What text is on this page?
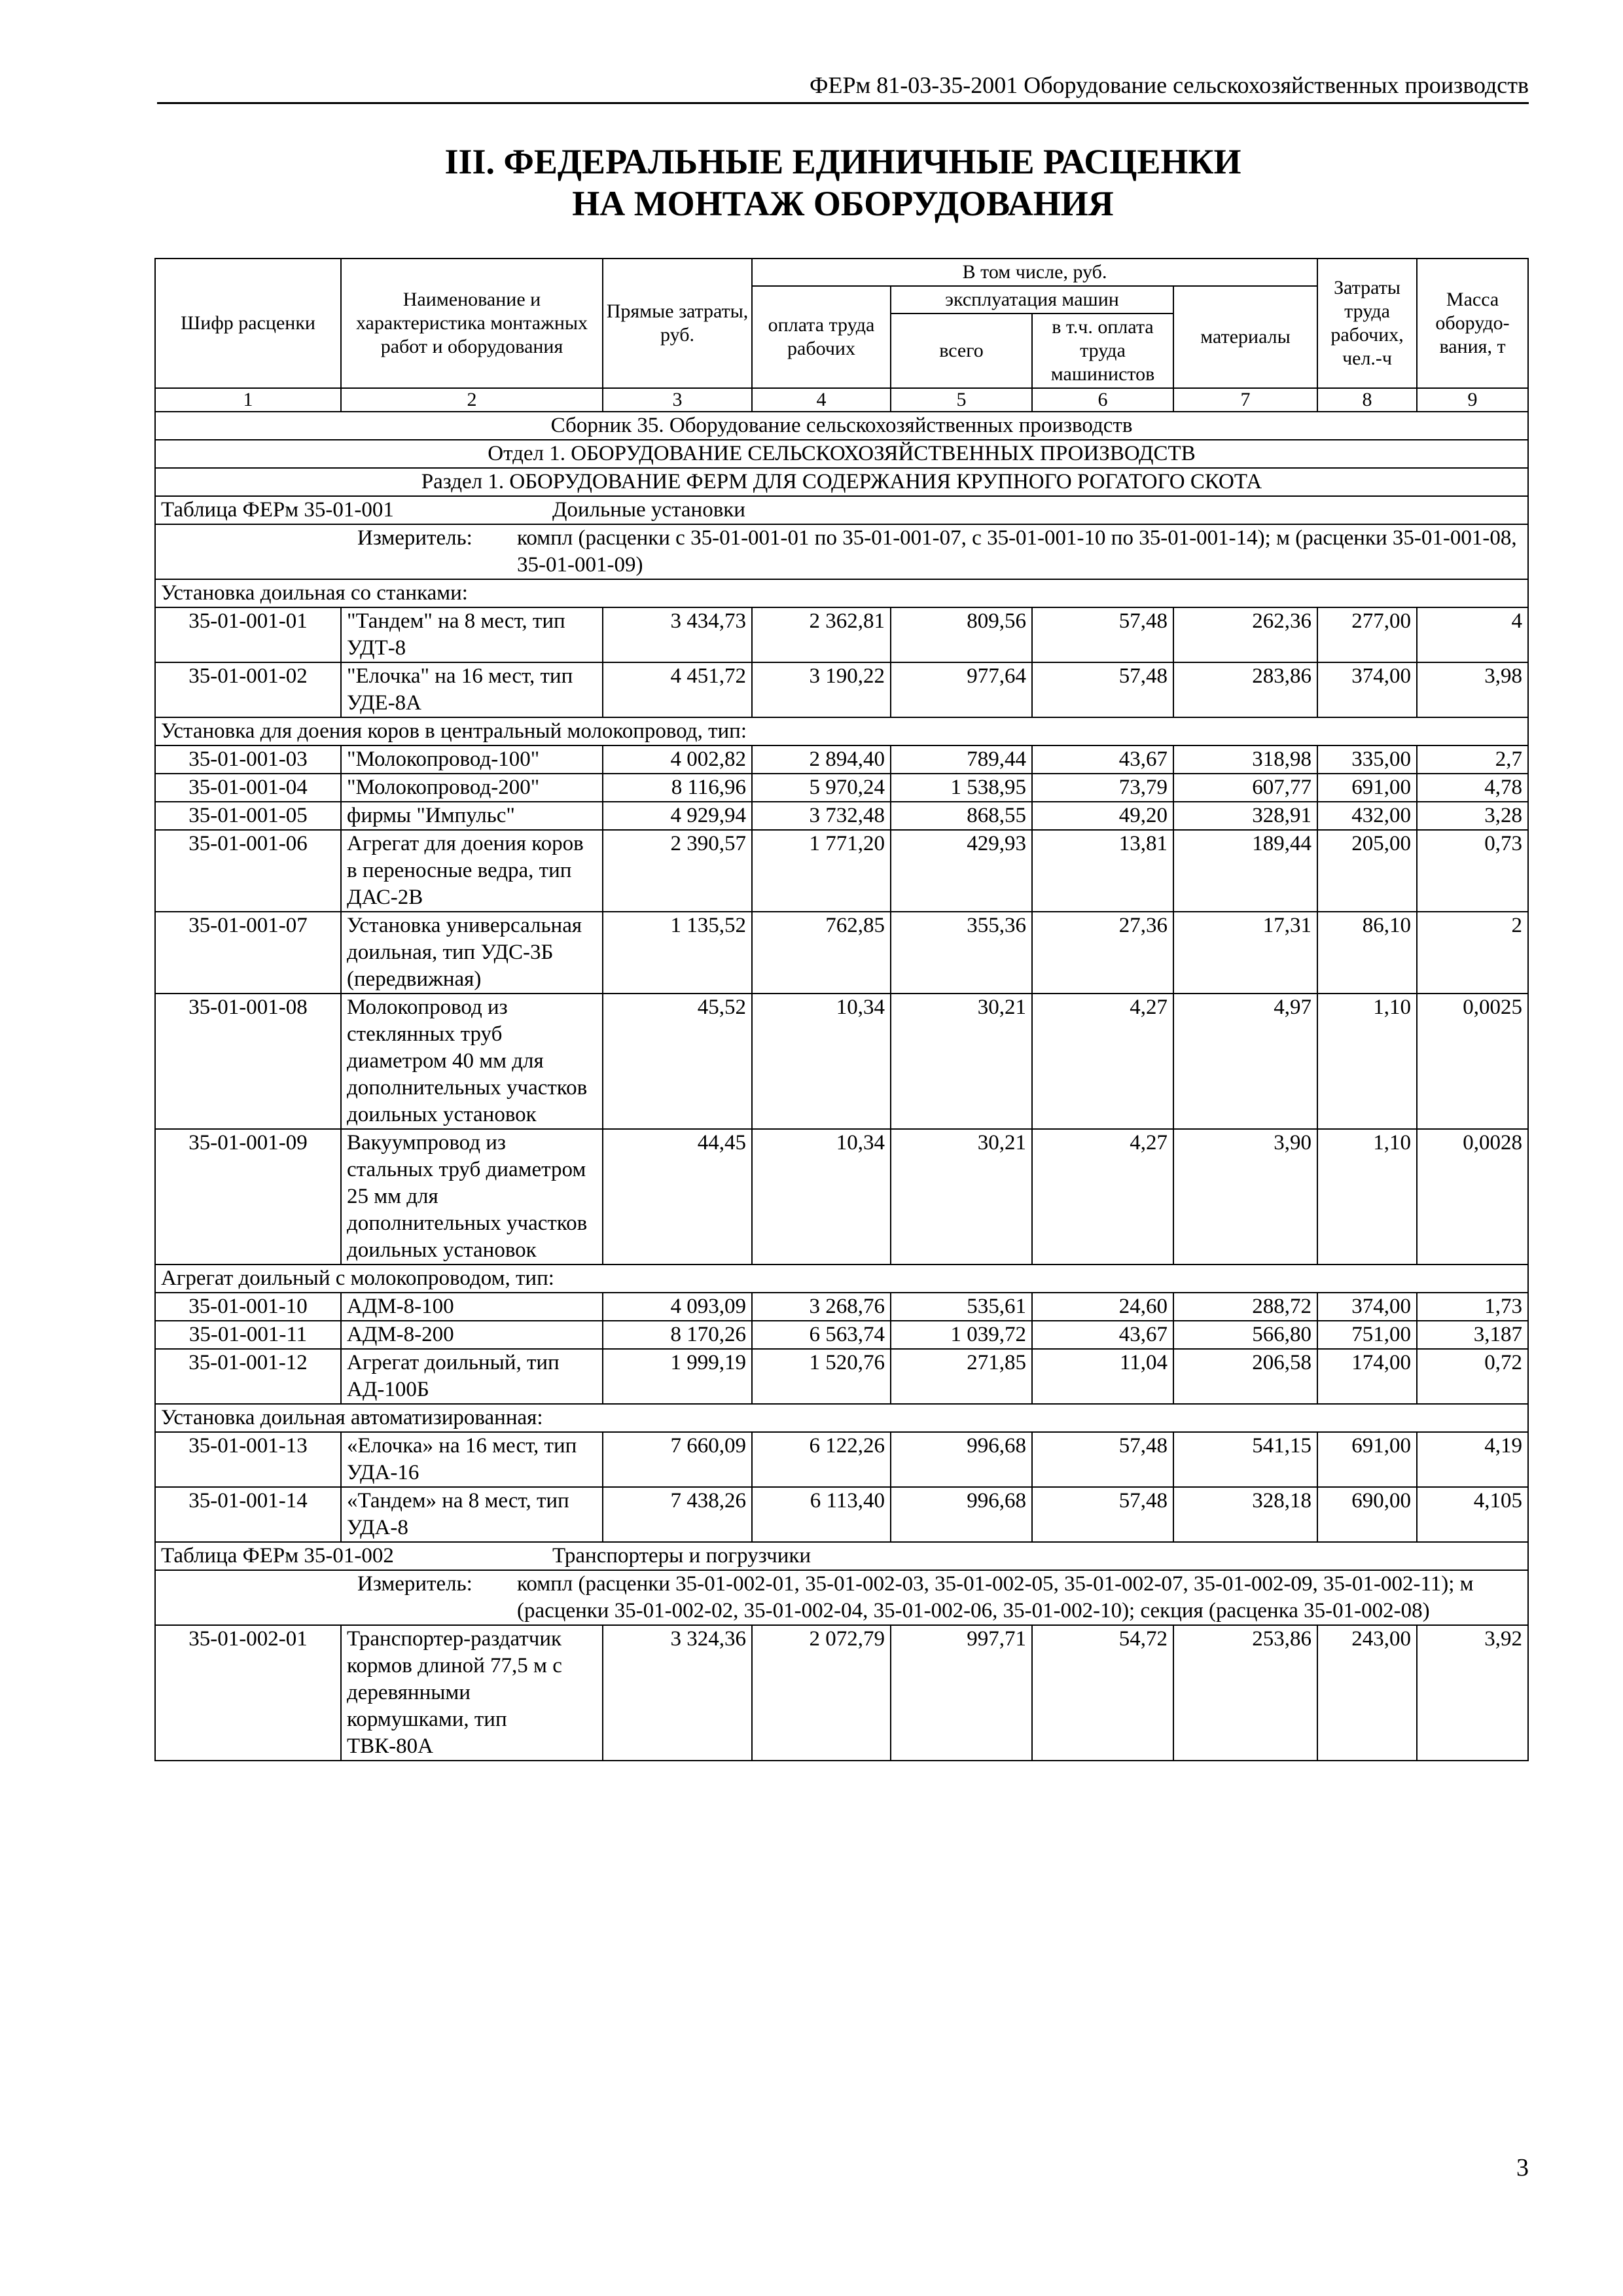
ФЕРм 81-03-35-2001 Оборудование сельскохозяйственных производств
III. ФЕДЕРАЛЬНЫЕ ЕДИНИЧНЫЕ РАСЦЕНКИ
НА МОНТАЖ ОБОРУДОВАНИЯ
Шифр расценки	Наименование и характеристика монтажных работ и оборудования	Прямые затраты, руб.	В том числе, руб.				Затраты труда рабочих, чел.-ч	Масса оборудо-вания, т
			оплата труда рабочих	эксплуатация машин		материалы		
				всего	в т.ч. оплата труда машинистов			
1	2	3	4	5	6	7	8	9
Сборник 35. Оборудование сельскохозяйственных производств								
Отдел 1. ОБОРУДОВАНИЕ СЕЛЬСКОХОЗЯЙСТВЕННЫХ ПРОИЗВОДСТВ								
Раздел 1. ОБОРУДОВАНИЕ ФЕРМ ДЛЯ СОДЕРЖАНИЯ КРУПНОГО РОГАТОГО СКОТА								
Таблица ФЕРм 35-01-001 Доильные установки								

Измеритель: компл (расценки с 35-01-001-01 по 35-01-001-07, с 35-01-001-10 по 35-01-001-14); м (расценки 35-01-001-08, 35-01-001-09)								

Установка доильная со станками:								
35-01-001-01	"Тандем" на 8 мест, тип УДТ-8	3 434,73	2 362,81	809,56	57,48	262,36	277,00	4
35-01-001-02	"Елочка" на 16 мест, тип УДЕ-8А	4 451,72	3 190,22	977,64	57,48	283,86	374,00	3,98
Установка для доения коров в центральный молокопровод, тип:								
35-01-001-03	"Молокопровод-100"	4 002,82	2 894,40	789,44	43,67	318,98	335,00	2,7
35-01-001-04	"Молокопровод-200"	8 116,96	5 970,24	1 538,95	73,79	607,77	691,00	4,78
35-01-001-05	фирмы "Импульс"	4 929,94	3 732,48	868,55	49,20	328,91	432,00	3,28
35-01-001-06	Агрегат для доения коров в переносные ведра, тип ДАС-2В	2 390,57	1 771,20	429,93	13,81	189,44	205,00	0,73
35-01-001-07	Установка универсальная доильная, тип УДС-3Б (передвижная)	1 135,52	762,85	355,36	27,36	17,31	86,10	2
35-01-001-08	Молокопровод из стеклянных труб диаметром 40 мм для дополнительных участков доильных установок	45,52	10,34	30,21	4,27	4,97	1,10	0,0025
35-01-001-09	Вакуумпровод из стальных труб диаметром 25 мм для дополнительных участков доильных установок	44,45	10,34	30,21	4,27	3,90	1,10	0,0028
Агрегат доильный с молокопроводом, тип:								
35-01-001-10	АДМ-8-100	4 093,09	3 268,76	535,61	24,60	288,72	374,00	1,73
35-01-001-11	АДМ-8-200	8 170,26	6 563,74	1 039,72	43,67	566,80	751,00	3,187
35-01-001-12	Агрегат доильный, тип АД-100Б	1 999,19	1 520,76	271,85	11,04	206,58	174,00	0,72
Установка доильная автоматизированная:								
35-01-001-13	«Елочка» на 16 мест, тип УДА-16	7 660,09	6 122,26	996,68	57,48	541,15	691,00	4,19
35-01-001-14	«Тандем» на 8 мест, тип УДА-8	7 438,26	6 113,40	996,68	57,48	328,18	690,00	4,105
Таблица ФЕРм 35-01-002 Транспортеры и погрузчики								

Измеритель: компл (расценки 35-01-002-01, 35-01-002-03, 35-01-002-05, 35-01-002-07, 35-01-002-09, 35-01-002-11); м (расценки 35-01-002-02, 35-01-002-04, 35-01-002-06, 35-01-002-10); секция (расценка 35-01-002-08)								

35-01-002-01	Транспортер-раздатчик кормов длиной 77,5 м с деревянными кормушками, тип ТВК-80А	3 324,36	2 072,79	997,71	54,72	253,86	243,00	3,92
3
